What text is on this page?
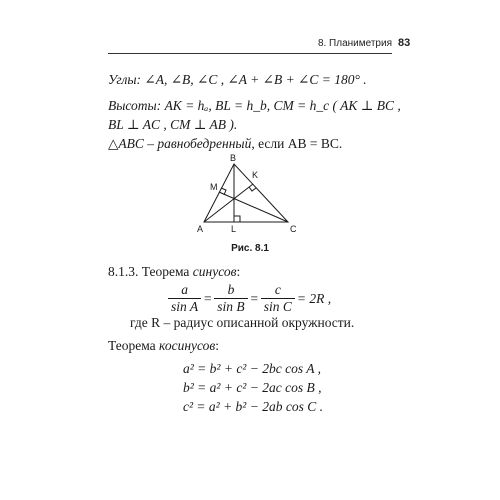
8. Планиметрия 83
Углы: ∠A, ∠B, ∠C , ∠A + ∠B + ∠C = 180° .
Высоты: AK = hₐ, BL = h_b, CM = h_c ( AK ⊥ BC ,
BL ⊥ AC , CM ⊥ AB ).
△ABC – равнобедренный, если AB = BC.
B
K
M
A	L	C
Рис. 8.1
8.1.3. Теорема синусов:
$\frac{a}{\text{sin A}} = \frac{b}{\text{sin B}} = \frac{c}{\text{sin C}} = 2R$ ,
где R – радиус описанной окружности.
Теорема косинусов:
a² = b² + c² − 2bc cos A ,
b² = a² + c² − 2ac cos B ,
c² = a² + b² − 2ab cos C .
